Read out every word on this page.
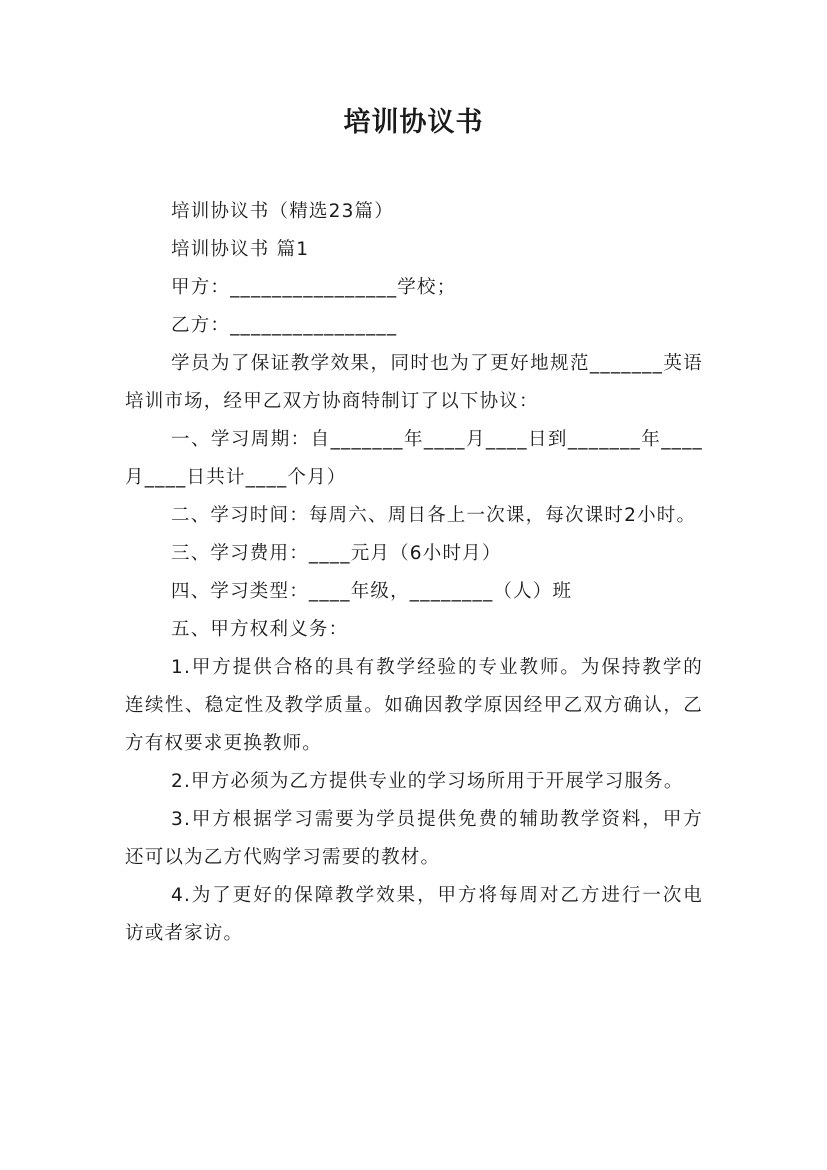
培训协议书

培训协议书（精选23篇）

培训协议书 篇1

甲方：________________学校；

乙方：________________

学员为了保证教学效果，同时也为了更好地规范_______英语培训市场，经甲乙双方协商特制订了以下协议：

一、学习周期：自_______年____月____日到_______年____月____日共计____个月）

二、学习时间：每周六、周日各上一次课，每次课时2小时。

三、学习费用：____元月（6小时月）

四、学习类型：____年级，________（人）班

五、甲方权利义务：

1.甲方提供合格的具有教学经验的专业教师。为保持教学的连续性、稳定性及教学质量。如确因教学原因经甲乙双方确认，乙方有权要求更换教师。

2.甲方必须为乙方提供专业的学习场所用于开展学习服务。

3.甲方根据学习需要为学员提供免费的辅助教学资料，甲方还可以为乙方代购学习需要的教材。

4.为了更好的保障教学效果，甲方将每周对乙方进行一次电访或者家访。
